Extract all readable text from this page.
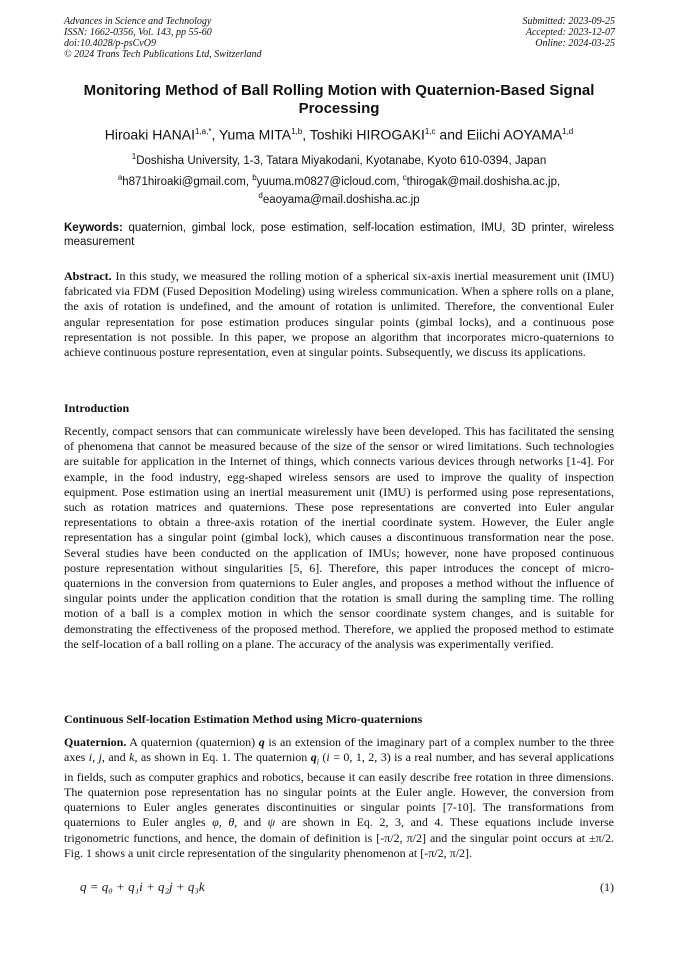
Advances in Science and Technology
ISSN: 1662-0356, Vol. 143, pp 55-60
doi:10.4028/p-psCvO9
© 2024 Trans Tech Publications Ltd, Switzerland
Submitted: 2023-09-25
Accepted: 2023-12-07
Online: 2024-03-25
Monitoring Method of Ball Rolling Motion with Quaternion-Based Signal Processing
Hiroaki $HANAI^{1,a,*}$, Yuma MITA$^{1,b}$, Toshiki HIROGAKI$^{1,c}$ and Eiichi AOYAMA$^{1,d}$
$^1$Doshisha University, 1-3, Tatara Miyakodani, Kyotanabe, Kyoto 610-0394, Japan
$^a$h871hiroaki@gmail.com, $^b$yuuma.m0827@icloud.com, $^c$thirogak@mail.doshisha.ac.jp,
$^d$eaoyama@mail.doshisha.ac.jp
Keywords: quaternion, gimbal lock, pose estimation, self-location estimation, IMU, 3D printer, wireless measurement

Abstract. In this study, we measured the rolling motion of a spherical six-axis inertial measurement unit (IMU) fabricated via FDM (Fused Deposition Modeling) using wireless communication. When a sphere rolls on a plane, the axis of rotation is undefined, and the amount of rotation is unlimited. Therefore, the conventional Euler angular representation for pose estimation produces singular points (gimbal locks), and a continuous pose representation is not possible. In this paper, we propose an algorithm that incorporates micro-quaternions to achieve continuous posture representation, even at singular points. Subsequently, we discuss its applications.

Introduction

Recently, compact sensors that can communicate wirelessly have been developed. This has facilitated the sensing of phenomena that cannot be measured because of the size of the sensor or wired limitations. Such technologies are suitable for application in the Internet of things, which connects various devices through networks [1-4]. For example, in the food industry, egg-shaped wireless sensors are used to improve the quality of inspection equipment. Pose estimation using an inertial measurement unit (IMU) is performed using pose representations, such as rotation matrices and quaternions. These pose representations are converted into Euler angular representations to obtain a three-axis rotation of the inertial coordinate system. However, the Euler angle representation has a singular point (gimbal lock), which causes a discontinuous transformation near the pose. Several studies have been conducted on the application of IMUs; however, none have proposed continuous posture representation without singularities [5, 6]. Therefore, this paper introduces the concept of micro-quaternions in the conversion from quaternions to Euler angles, and proposes a method without the influence of singular points under the application condition that the rotation is small during the sampling time. The rolling motion of a ball is a complex motion in which the sensor coordinate system changes, and is suitable for demonstrating the effectiveness of the proposed method. Therefore, we applied the proposed method to estimate the self-location of a ball rolling on a plane. The accuracy of the analysis was experimentally verified.

Continuous Self-location Estimation Method using Micro-quaternions

Quaternion. A quaternion (quaternion) q is an extension of the imaginary part of a complex number to the three axes i, j, and k, as shown in Eq. 1. The quaternion $q_i$ (i = 0, 1, 2, 3) is a real number, and has several applications in fields, such as computer graphics and robotics, because it can easily describe free rotation in three dimensions. The quaternion pose representation has no singular points at the Euler angle. However, the conversion from quaternions to Euler angles generates discontinuities or singular points [7-10]. The transformations from quaternions to Euler angles φ, θ, and ψ are shown in Eq. 2, 3, and 4. These equations include inverse trigonometric functions, and hence, the domain of definition is [-π/2, π/2] and the singular point occurs at ±π/2. Fig. 1 shows a unit circle representation of the singularity phenomenon at [-π/2, π/2].

q = q₀ + q₁i + q₂j + q₃k	(1)
